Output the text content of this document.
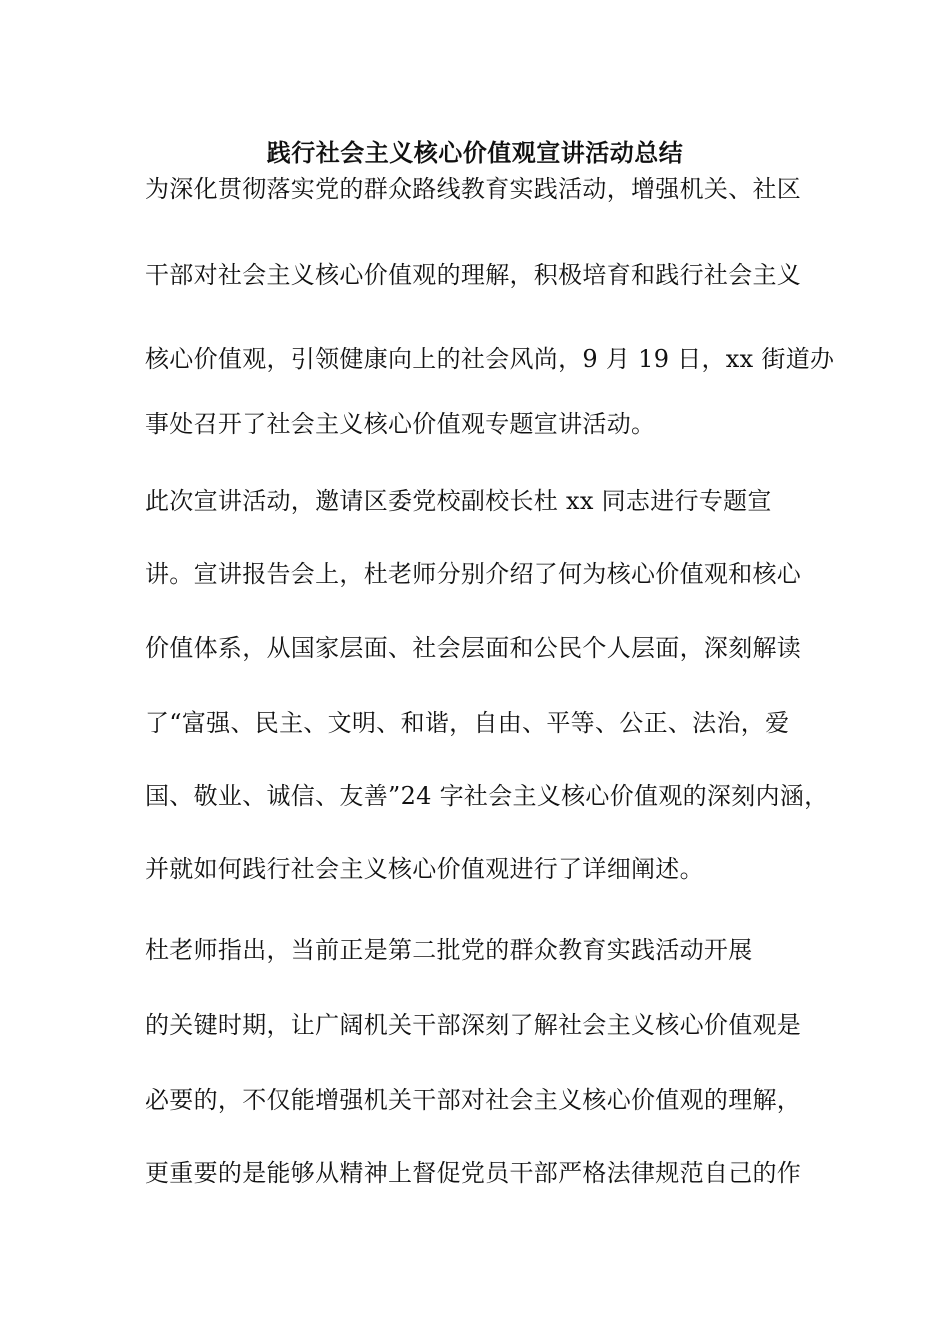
践行社会主义核心价值观宣讲活动总结
为深化贯彻落实党的群众路线教育实践活动，增强机关、社区
干部对社会主义核心价值观的理解，积极培育和践行社会主义
核心价值观，引领健康向上的社会风尚，9 月 19 日，xx 街道办
事处召开了社会主义核心价值观专题宣讲活动。
此次宣讲活动，邀请区委党校副校长杜 xx 同志进行专题宣
讲。宣讲报告会上，杜老师分别介绍了何为核心价值观和核心
价值体系，从国家层面、社会层面和公民个人层面，深刻解读
了“富强、民主、文明、和谐，自由、平等、公正、法治，爱
国、敬业、诚信、友善”24 字社会主义核心价值观的深刻内涵，
并就如何践行社会主义核心价值观进行了详细阐述。
杜老师指出，当前正是第二批党的群众教育实践活动开展
的关键时期，让广阔机关干部深刻了解社会主义核心价值观是
必要的，不仅能增强机关干部对社会主义核心价值观的理解，
更重要的是能够从精神上督促党员干部严格法律规范自己的作
